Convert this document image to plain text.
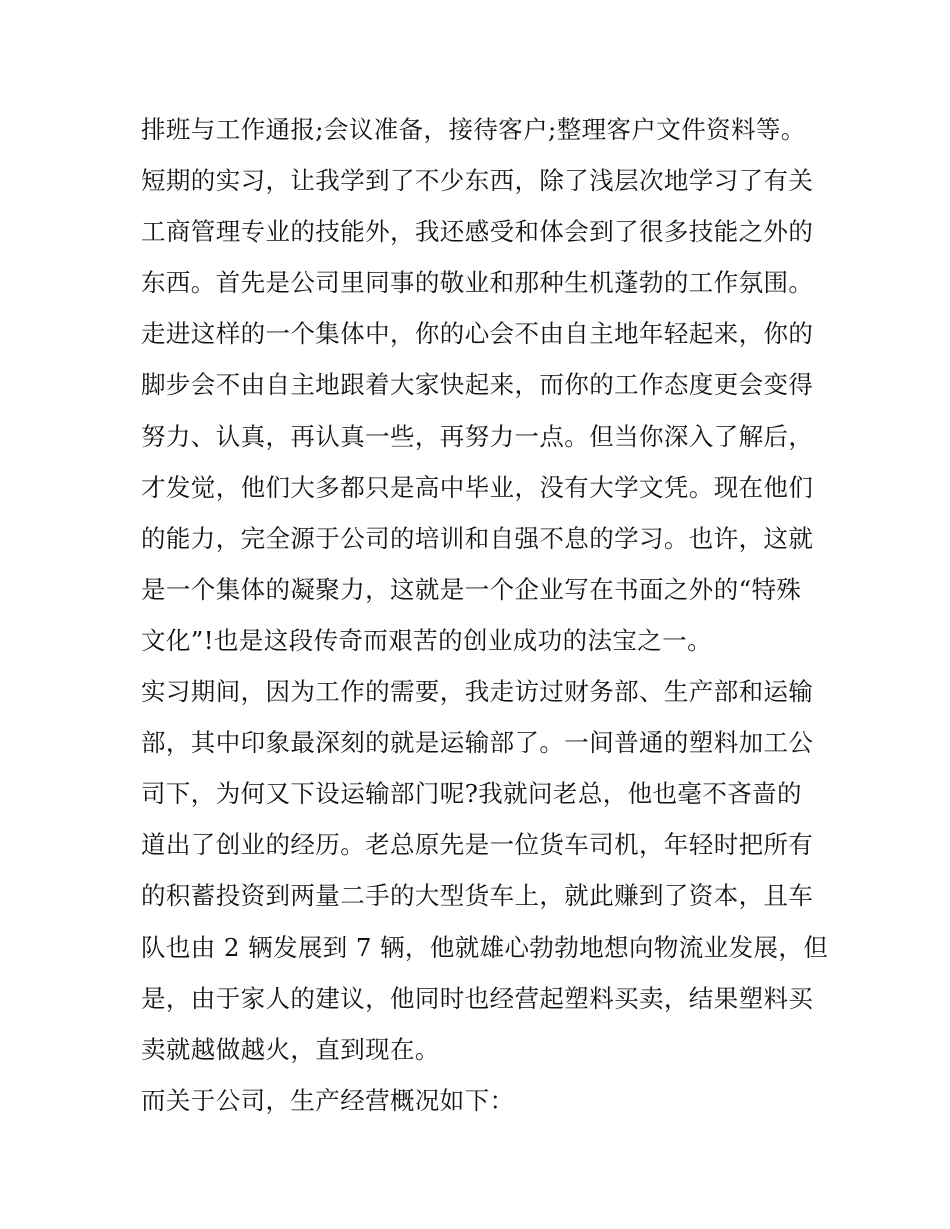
排班与工作通报;会议准备，接待客户;整理客户文件资料等。
短期的实习，让我学到了不少东西，除了浅层次地学习了有关
工商管理专业的技能外，我还感受和体会到了很多技能之外的
东西。首先是公司里同事的敬业和那种生机蓬勃的工作氛围。
走进这样的一个集体中，你的心会不由自主地年轻起来，你的
脚步会不由自主地跟着大家快起来，而你的工作态度更会变得
努力、认真，再认真一些，再努力一点。但当你深入了解后，
才发觉，他们大多都只是高中毕业，没有大学文凭。现在他们
的能力，完全源于公司的培训和自强不息的学习。也许，这就
是一个集体的凝聚力，这就是一个企业写在书面之外的“特殊
文化”!也是这段传奇而艰苦的创业成功的法宝之一。
实习期间，因为工作的需要，我走访过财务部、生产部和运输
部，其中印象最深刻的就是运输部了。一间普通的塑料加工公
司下，为何又下设运输部门呢?我就问老总，他也毫不吝啬的
道出了创业的经历。老总原先是一位货车司机，年轻时把所有
的积蓄投资到两量二手的大型货车上，就此赚到了资本，且车
队也由 2 辆发展到 7 辆，他就雄心勃勃地想向物流业发展，但
是，由于家人的建议，他同时也经营起塑料买卖，结果塑料买
卖就越做越火，直到现在。
而关于公司，生产经营概况如下：
